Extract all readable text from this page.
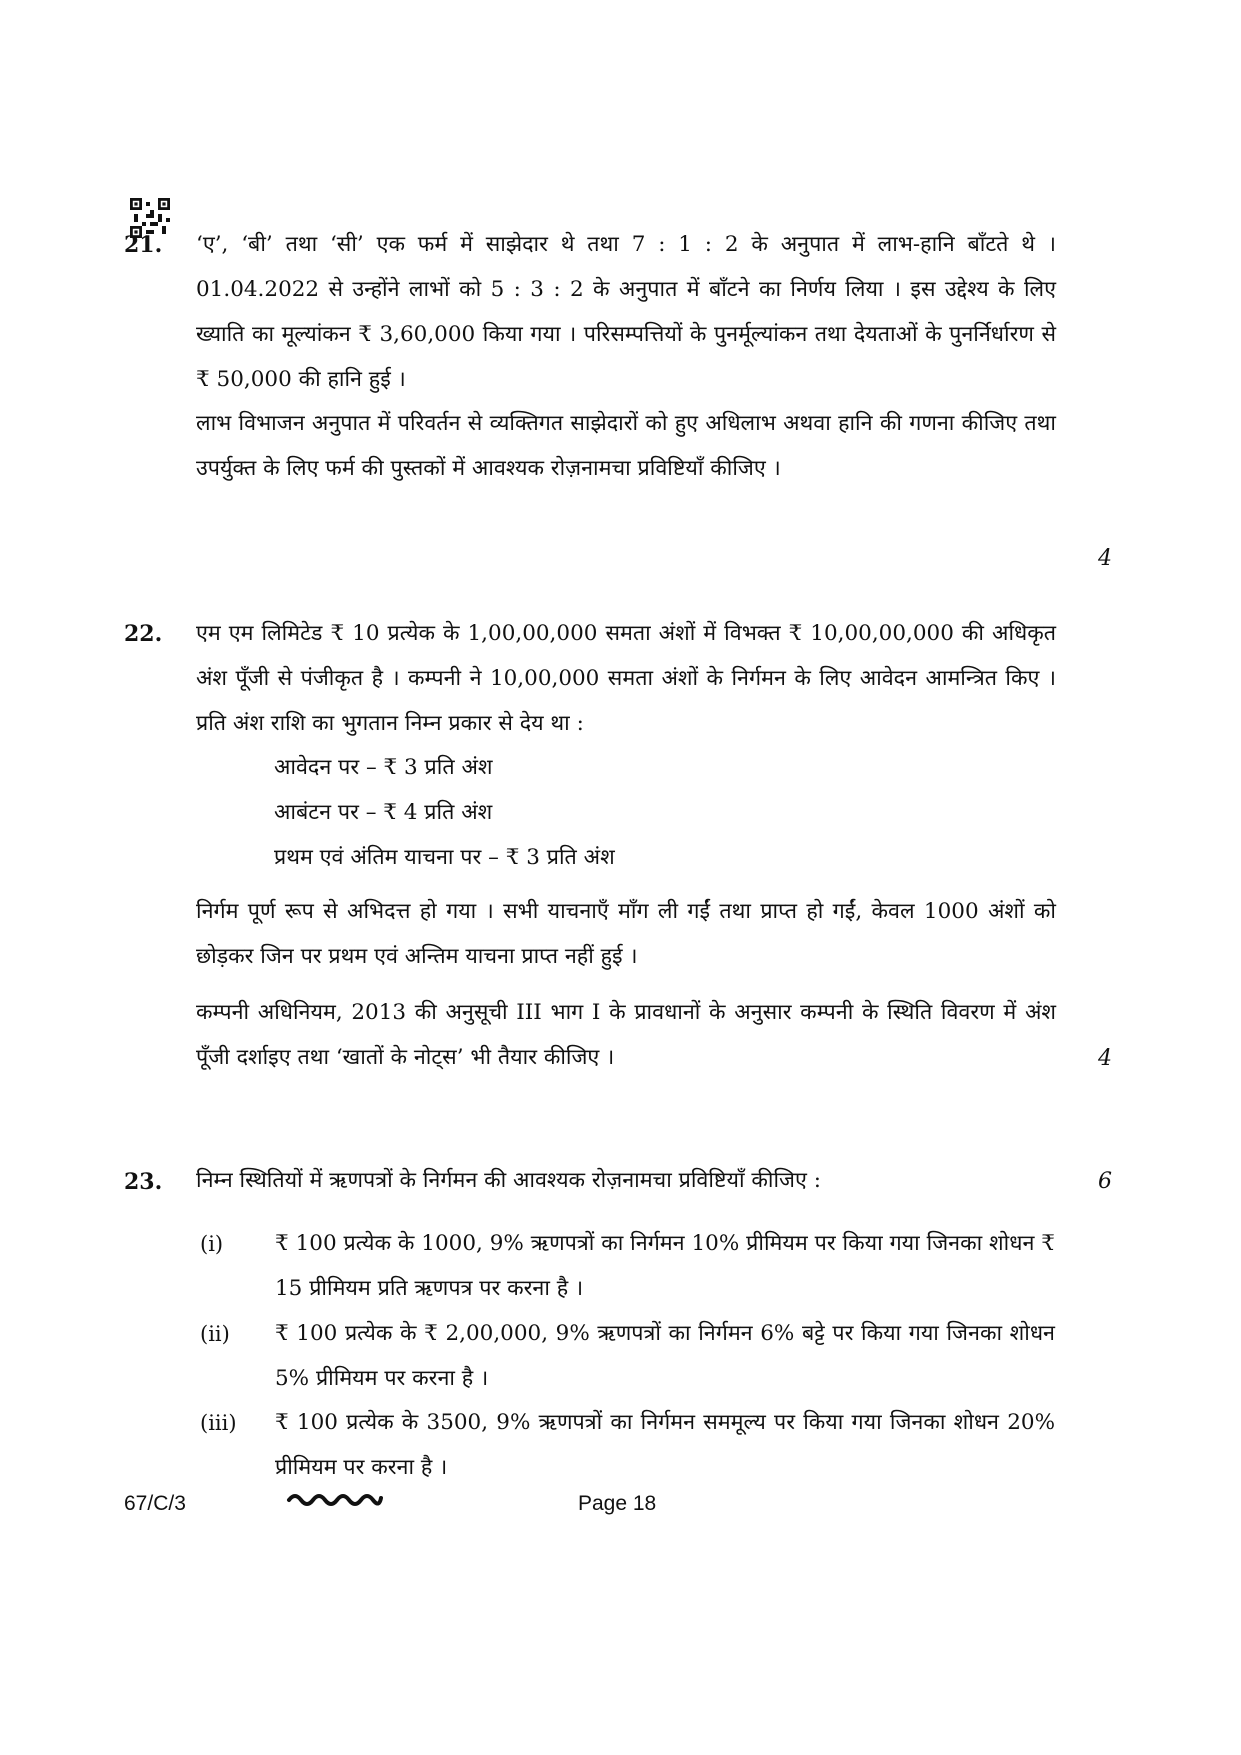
21. ‘ए’, ‘बी’ तथा ‘सी’ एक फर्म में साझेदार थे तथा 7 : 1 : 2 के अनुपात में लाभ-हानि बाँटते थे । 01.04.2022 से उन्होंने लाभों को 5 : 3 : 2 के अनुपात में बाँटने का निर्णय लिया । इस उद्देश्य के लिए ख्याति का मूल्यांकन ₹ 3,60,000 किया गया । परिसम्पत्तियों के पुनर्मूल्यांकन तथा देयताओं के पुनर्निर्धारण से ₹ 50,000 की हानि हुई ।
लाभ विभाजन अनुपात में परिवर्तन से व्यक्तिगत साझेदारों को हुए अधिलाभ अथवा हानि की गणना कीजिए तथा उपर्युक्त के लिए फर्म की पुस्तकों में आवश्यक रोज़नामचा प्रविष्टियाँ कीजिए ।
4
22. एम एम लिमिटेड ₹ 10 प्रत्येक के 1,00,00,000 समता अंशों में विभक्त ₹ 10,00,00,000 की अधिकृत अंश पूँजी से पंजीकृत है । कम्पनी ने 10,00,000 समता अंशों के निर्गमन के लिए आवेदन आमन्त्रित किए । प्रति अंश राशि का भुगतान निम्न प्रकार से देय था :
आवेदन पर – ₹ 3 प्रति अंश
आबंटन पर – ₹ 4 प्रति अंश
प्रथम एवं अंतिम याचना पर – ₹ 3 प्रति अंश
निर्गम पूर्ण रूप से अभिदत्त हो गया । सभी याचनाएँ माँग ली गईं तथा प्राप्त हो गईं, केवल 1000 अंशों को छोड़कर जिन पर प्रथम एवं अन्तिम याचना प्राप्त नहीं हुई ।
कम्पनी अधिनियम, 2013 की अनुसूची III भाग I के प्रावधानों के अनुसार कम्पनी के स्थिति विवरण में अंश पूँजी दर्शाइए तथा ‘खातों के नोट्स’ भी तैयार कीजिए ।	4
23. निम्न स्थितियों में ऋणपत्रों के निर्गमन की आवश्यक रोज़नामचा प्रविष्टियाँ कीजिए :	6
(i) ₹ 100 प्रत्येक के 1000, 9% ऋणपत्रों का निर्गमन 10% प्रीमियम पर किया गया जिनका शोधन ₹ 15 प्रीमियम प्रति ऋणपत्र पर करना है ।
(ii) ₹ 100 प्रत्येक के ₹ 2,00,000, 9% ऋणपत्रों का निर्गमन 6% बट्टे पर किया गया जिनका शोधन 5% प्रीमियम पर करना है ।
(iii) ₹ 100 प्रत्येक के 3500, 9% ऋणपत्रों का निर्गमन सममूल्य पर किया गया जिनका शोधन 20% प्रीमियम पर करना है ।
67/C/3	Page 18
